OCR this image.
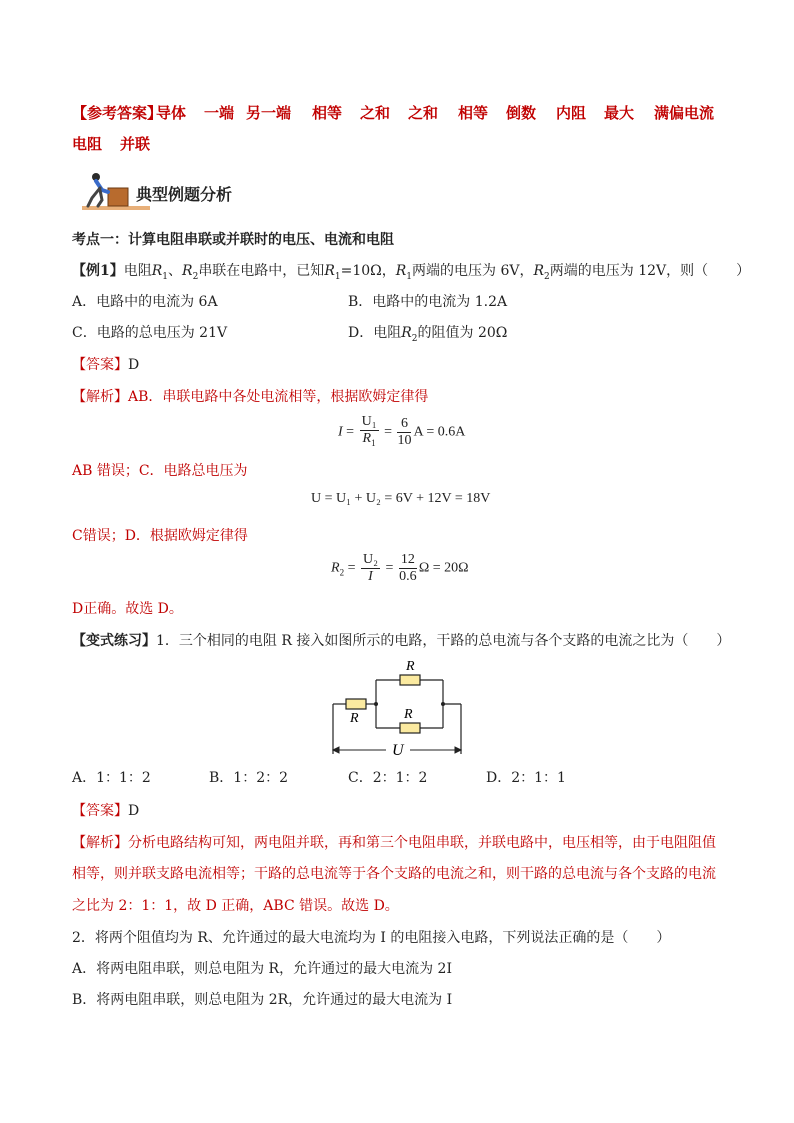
【参考答案】
导体 一端 另一端 相等 之和 之和 相等 倒数 内阻 最大 满偏电流
电阻 并联
典型例题分析
考点一：计算电阻串联或并联时的电压、电流和电阻
【例1】电阻$R_1$、$R_2$串联在电路中，已知$R_1=10\Omega$，$R_1$两端的电压为 6V，$R_2$两端的电压为 12V，则（　　）
A．电路中的电流为 6A	B．电路中的电流为 1.2A
C．电路的总电压为 21V	D．电阻$R_2$的阻值为 20Ω
【答案】D
【解析】AB．串联电路中各处电流相等，根据欧姆定律得
$I = \frac{\text{U₁}}{R_1} = \frac{6}{10}$ A = 0.6A
AB 错误；C．电路总电压为
U = U₁ + U₂ = 6V + 12V = 18V
C错误；D．根据欧姆定律得
$R_2 = \frac{\text{U₂}}{I} = \frac{12}{0.6}$ Ω = 20Ω
D正确。故选 D。
【变式练习】1．三个相同的电阻 R 接入如图所示的电路，干路的总电流与各个支路的电流之比为（　　）
R
R	R
U
A．1：1：2	B．1：2：2	C．2：1：2	D．2：1：1
【答案】D
【解析】分析电路结构可知，两电阻并联，再和第三个电阻串联，并联电路中，电压相等，由于电阻阻值
相等，则并联支路电流相等；干路的总电流等于各个支路的电流之和，则干路的总电流与各个支路的电流
之比为 2：1：1，故 D 正确，ABC 错误。故选 D。
2．将两个阻值均为 R、允许通过的最大电流均为 I 的电阻接入电路，下列说法正确的是（　　）
A．将两电阻串联，则总电阻为 R，允许通过的最大电流为 2I
B．将两电阻串联，则总电阻为 2R，允许通过的最大电流为 I
